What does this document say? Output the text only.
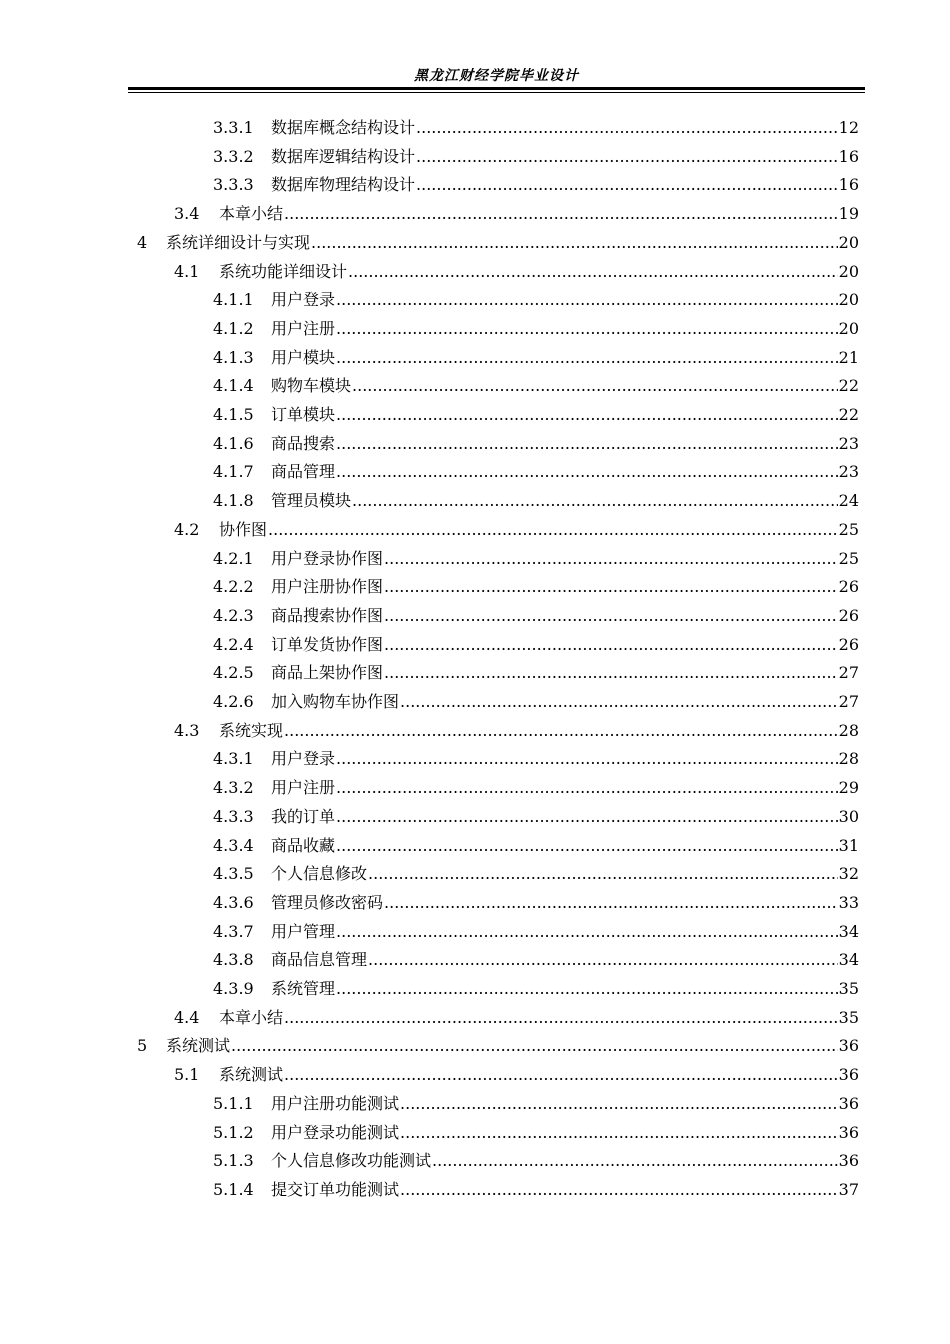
黑龙江财经学院毕业设计
3.3.1	数据库概念结构设计 .....	12
3.3.2	数据库逻辑结构设计 .....	16
3.3.3	数据库物理结构设计 .....	16
3.4	本章小结 .....	19
4	系统详细设计与实现 .....	20
4.1	系统功能详细设计 .....	20
4.1.1	用户登录 .....	20
4.1.2	用户注册 .....	20
4.1.3	用户模块 .....	21
4.1.4	购物车模块 .....	22
4.1.5	订单模块 .....	22
4.1.6	商品搜索 .....	23
4.1.7	商品管理 .....	23
4.1.8	管理员模块 .....	24
4.2	协作图 .....	25
4.2.1	用户登录协作图 .....	25
4.2.2	用户注册协作图 .....	26
4.2.3	商品搜索协作图 .....	26
4.2.4	订单发货协作图 .....	26
4.2.5	商品上架协作图 .....	27
4.2.6	加入购物车协作图 .....	27
4.3	系统实现 .....	28
4.3.1	用户登录 .....	28
4.3.2	用户注册 .....	29
4.3.3	我的订单 .....	30
4.3.4	商品收藏 .....	31
4.3.5	个人信息修改 .....	32
4.3.6	管理员修改密码 .....	33
4.3.7	用户管理 .....	34
4.3.8	商品信息管理 .....	34
4.3.9	系统管理 .....	35
4.4	本章小结 .....	35
5	系统测试 .....	36
5.1	系统测试 .....	36
5.1.1	用户注册功能测试 .....	36
5.1.2	用户登录功能测试 .....	36
5.1.3	个人信息修改功能测试 .....	36
5.1.4	提交订单功能测试 .....	37
